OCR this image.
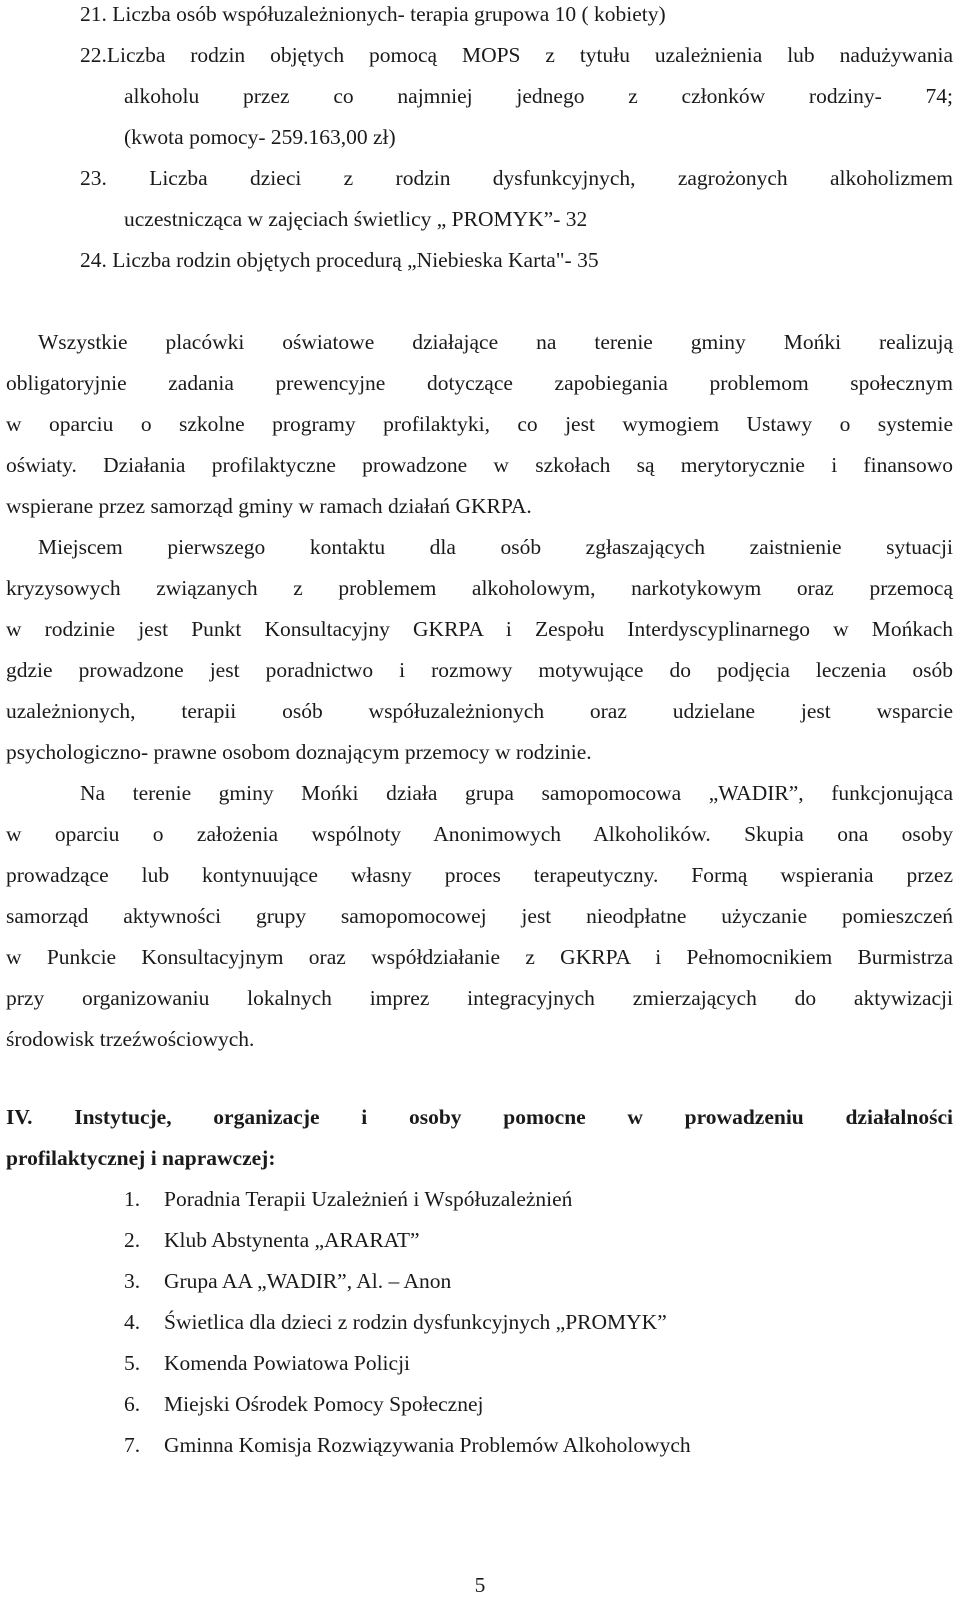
21. Liczba osób współuzależnionych- terapia grupowa 10 ( kobiety)
22.Liczba rodzin objętych pomocą MOPS z tytułu uzależnienia lub nadużywania
alkoholu przez co najmniej jednego z członków rodziny- 74;
(kwota pomocy- 259.163,00 zł)
23. Liczba dzieci z rodzin dysfunkcyjnych, zagrożonych alkoholizmem
uczestnicząca w zajęciach świetlicy „ PROMYK”- 32
24. Liczba rodzin objętych procedurą „Niebieska Karta"- 35
Wszystkie placówki oświatowe działające na terenie gminy Mońki realizują
obligatoryjnie zadania prewencyjne dotyczące zapobiegania problemom społecznym
w oparciu o szkolne programy profilaktyki, co jest wymogiem Ustawy o systemie
oświaty. Działania profilaktyczne prowadzone w szkołach są merytorycznie i finansowo
wspierane przez samorząd gminy w ramach działań GKRPA.
Miejscem pierwszego kontaktu dla osób zgłaszających zaistnienie sytuacji
kryzysowych związanych z problemem alkoholowym, narkotykowym oraz przemocą
w rodzinie jest Punkt Konsultacyjny GKRPA i Zespołu Interdyscyplinarnego w Mońkach
gdzie prowadzone jest poradnictwo i rozmowy motywujące do podjęcia leczenia osób
uzależnionych, terapii osób współuzależnionych oraz udzielane jest wsparcie
psychologiczno- prawne osobom doznającym przemocy w rodzinie.
Na terenie gminy Mońki działa grupa samopomocowa „WADIR”, funkcjonująca
w oparciu o założenia wspólnoty Anonimowych Alkoholików. Skupia ona osoby
prowadzące lub kontynuujące własny proces terapeutyczny. Formą wspierania przez
samorząd aktywności grupy samopomocowej jest nieodpłatne użyczanie pomieszczeń
w Punkcie Konsultacyjnym oraz współdziałanie z GKRPA i Pełnomocnikiem Burmistrza
przy organizowaniu lokalnych imprez integracyjnych zmierzających do aktywizacji
środowisk trzeźwościowych.
IV. Instytucje, organizacje i osoby pomocne w prowadzeniu działalności
profilaktycznej i naprawczej:
1. Poradnia Terapii Uzależnień i Współuzależnień
2. Klub Abstynenta „ARARAT”
3. Grupa AA „WADIR”, Al. – Anon
4. Świetlica dla dzieci z rodzin dysfunkcyjnych „PROMYK”
5. Komenda Powiatowa Policji
6. Miejski Ośrodek Pomocy Społecznej
7. Gminna Komisja Rozwiązywania Problemów Alkoholowych
5
